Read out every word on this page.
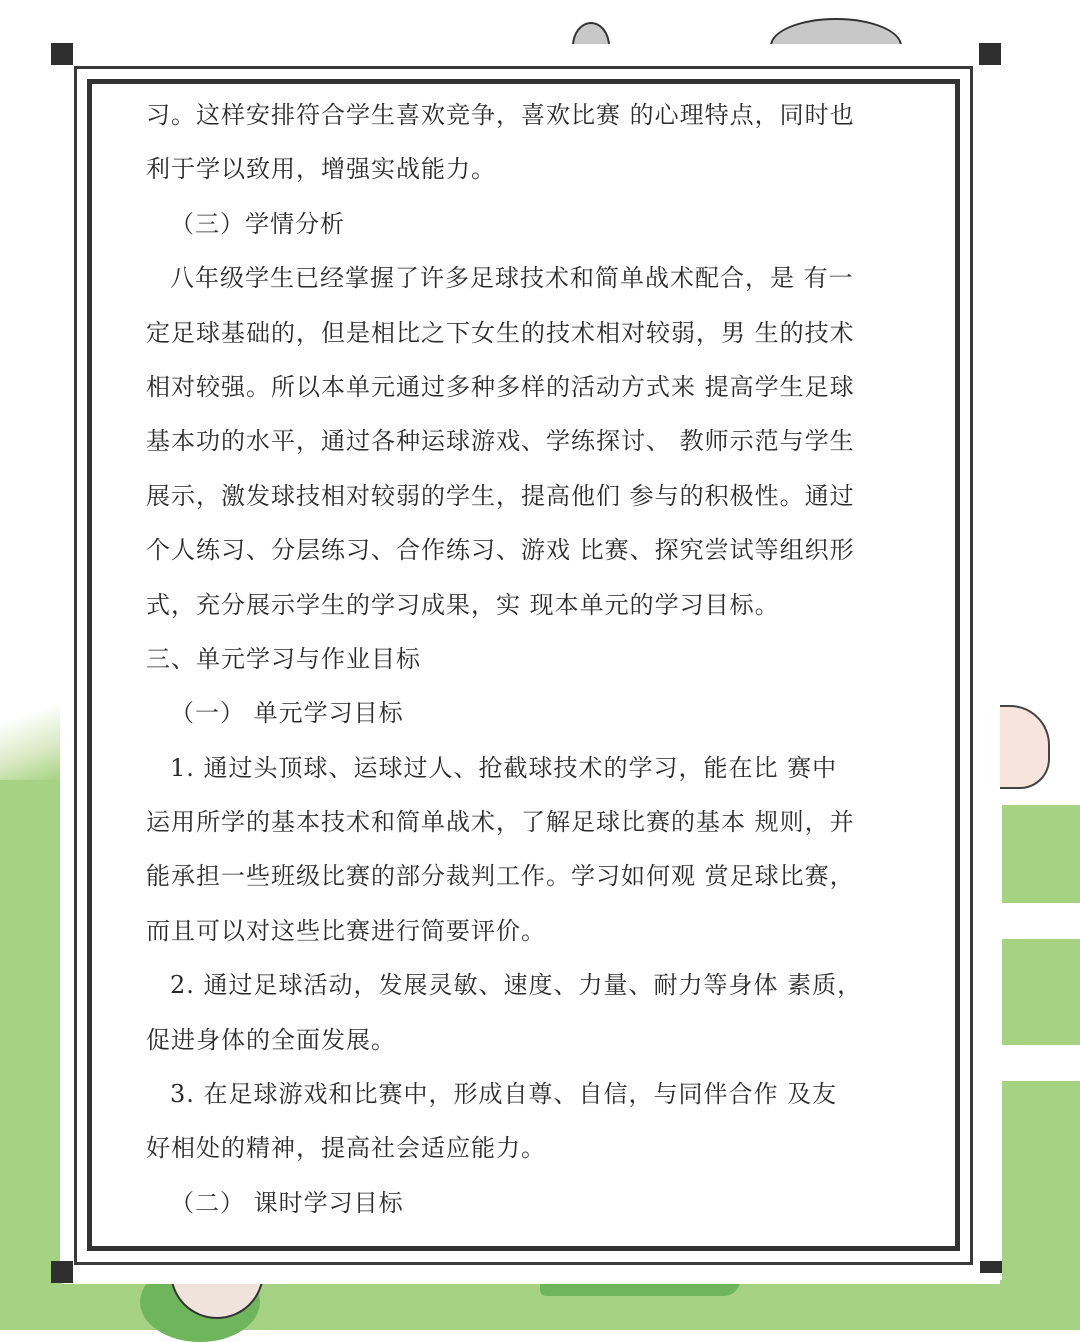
习。这样安排符合学生喜欢竞争，喜欢比赛 的心理特点，同时也
利于学以致用，增强实战能力。
（三）学情分析
八年级学生已经掌握了许多足球技术和简单战术配合，是 有一
定足球基础的，但是相比之下女生的技术相对较弱，男 生的技术
相对较强。所以本单元通过多种多样的活动方式来 提高学生足球
基本功的水平，通过各种运球游戏、学练探讨、 教师示范与学生
展示，激发球技相对较弱的学生，提高他们 参与的积极性。通过
个人练习、分层练习、合作练习、游戏 比赛、探究尝试等组织形
式，充分展示学生的学习成果，实 现本单元的学习目标。
三、单元学习与作业目标
（一） 单元学习目标
1. 通过头顶球、运球过人、抢截球技术的学习，能在比 赛中
运用所学的基本技术和简单战术，了解足球比赛的基本 规则，并
能承担一些班级比赛的部分裁判工作。学习如何观 赏足球比赛，
而且可以对这些比赛进行简要评价。
2. 通过足球活动，发展灵敏、速度、力量、耐力等身体 素质，
促进身体的全面发展。
3. 在足球游戏和比赛中，形成自尊、自信，与同伴合作 及友
好相处的精神，提高社会适应能力。
（二） 课时学习目标
